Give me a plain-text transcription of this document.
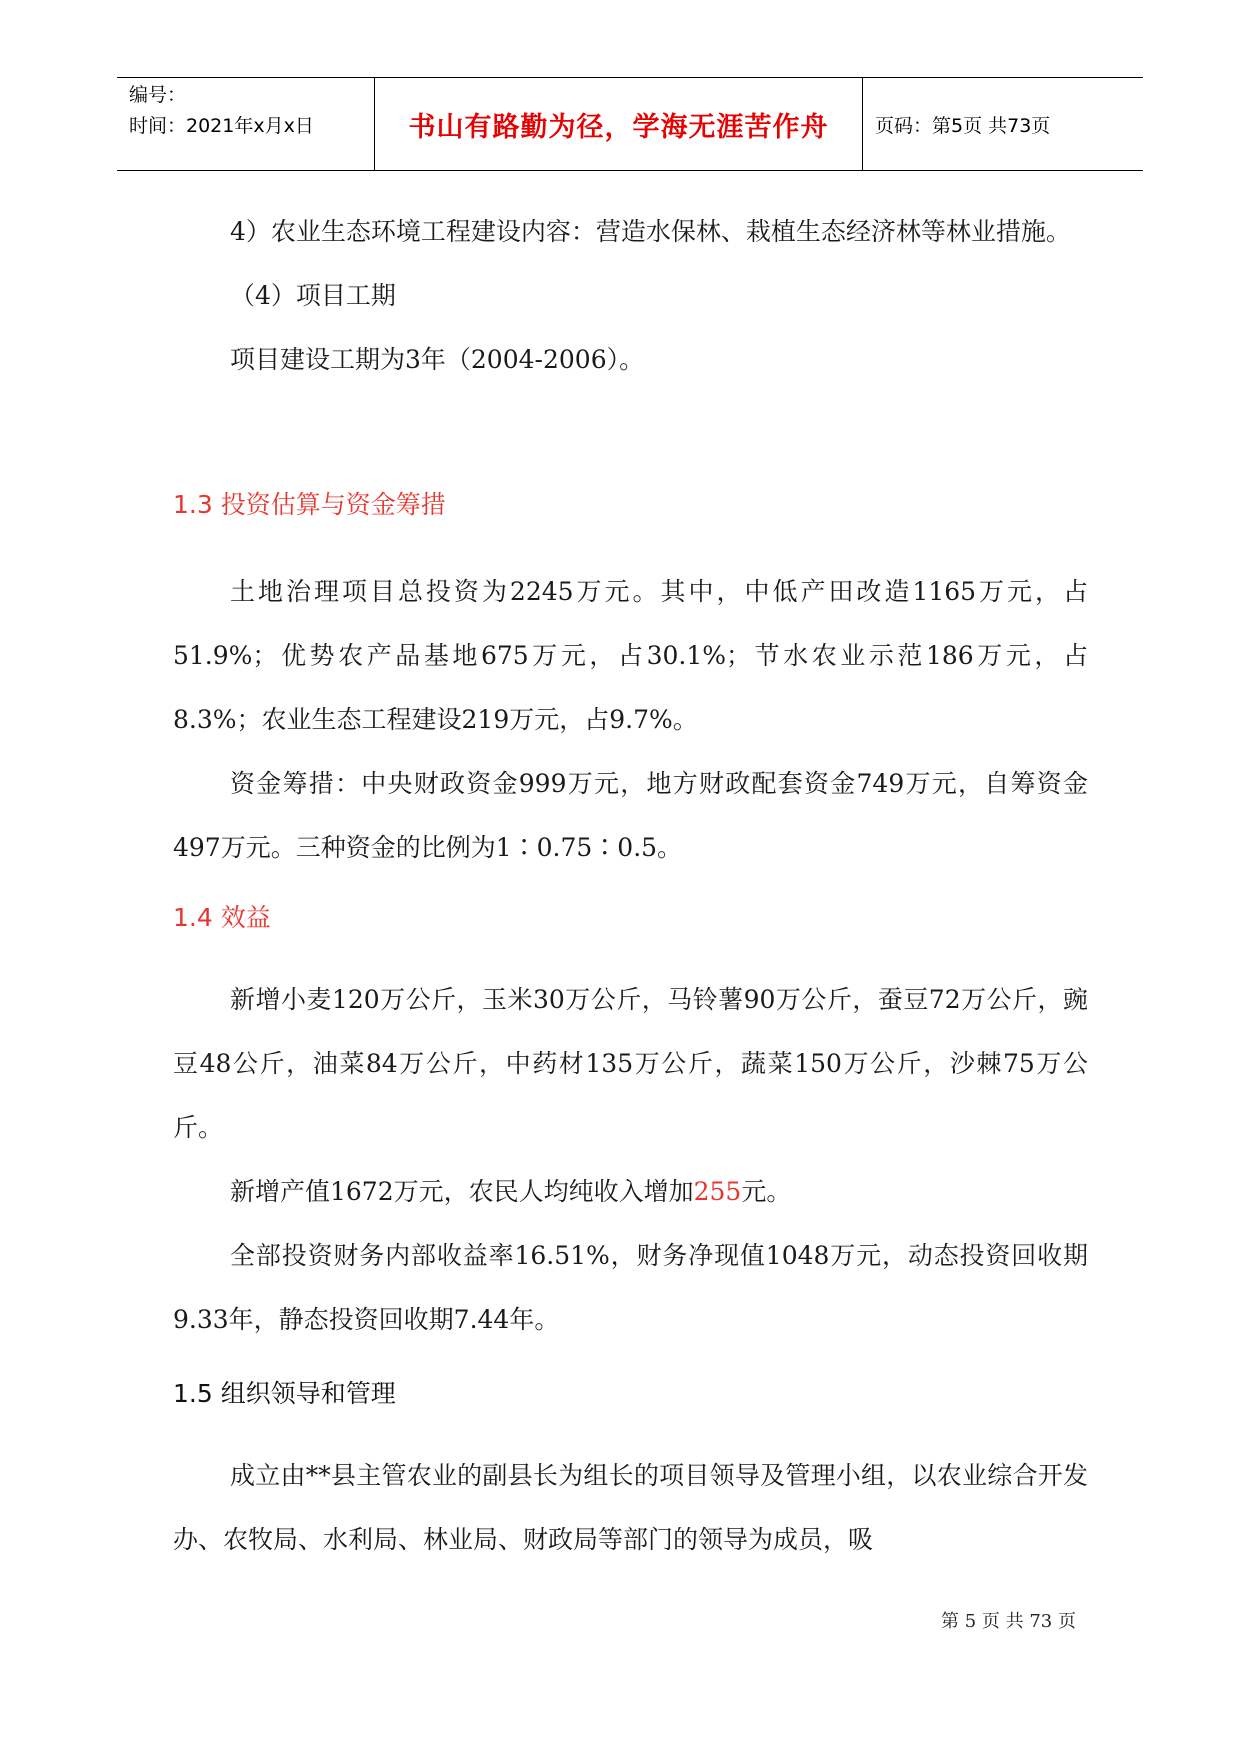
编号：
时间：2021年x月x日	书山有路勤为径，学海无涯苦作舟	页码：第5页 共73页

4）农业生态环境工程建设内容：营造水保林、栽植生态经济林等林业措施。

（4）项目工期

项目建设工期为3年（2004-2006）。

1.3 投资估算与资金筹措

土地治理项目总投资为2245万元。其中，中低产田改造1165万元，占51.9%；优势农产品基地675万元，占30.1%；节水农业示范186万元，占8.3%；农业生态工程建设219万元，占9.7%。

资金筹措：中央财政资金999万元，地方财政配套资金749万元，自筹资金497万元。三种资金的比例为1∶0.75∶0.5。

1.4 效益

新增小麦120万公斤，玉米30万公斤，马铃薯90万公斤，蚕豆72万公斤，豌豆48公斤，油菜84万公斤，中药材135万公斤，蔬菜150万公斤，沙棘75万公斤。

新增产值1672万元，农民人均纯收入增加255元。

全部投资财务内部收益率16.51%，财务净现值1048万元，动态投资回收期9.33年，静态投资回收期7.44年。

1.5 组织领导和管理

成立由**县主管农业的副县长为组长的项目领导及管理小组，以农业综合开发办、农牧局、水利局、林业局、财政局等部门的领导为成员，吸

第 5 页 共 73 页
